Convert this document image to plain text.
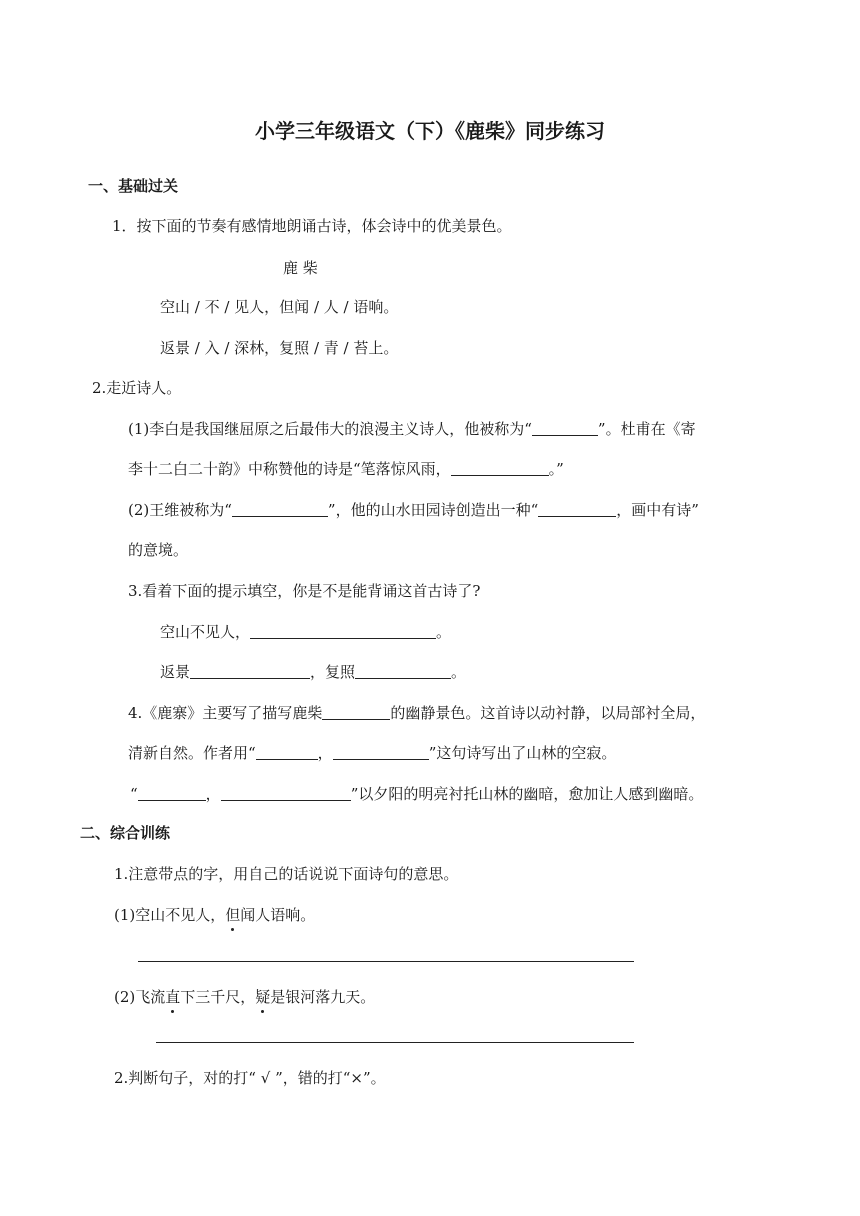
小学三年级语文（下）《鹿柴》同步练习
一、基础过关
1．按下面的节奏有感情地朗诵古诗，体会诗中的优美景色。
鹿 柴
空山 / 不 / 见人，但闻 / 人 / 语响。
返景 / 入 / 深林，复照 / 青 / 苔上。
2.走近诗人。
(1)李白是我国继屈原之后最伟大的浪漫主义诗人，他被称为“	”。杜甫在《寄
李十二白二十韵》中称赞他的诗是“笔落惊风雨，	。”
(2)王维被称为“	”，他的山水田园诗创造出一种“	，画中有诗”
的意境。
3.看着下面的提示填空，你是不是能背诵这首古诗了?
空山不见人，	。
返景	，复照	。
4.《鹿寨》主要写了描写鹿柴	的幽静景色。这首诗以动衬静，以局部衬全局，
清新自然。作者用“	，	”这句诗写出了山林的空寂。
“	，	”以夕阳的明亮衬托山林的幽暗，愈加让人感到幽暗。
二、综合训练
1.注意带点的字，用自己的话说说下面诗句的意思。
(1)空山不见人，但闻人语响。
(2)飞流直下三千尺，疑是银河落九天。
2.判断句子，对的打“ √ ”，错的打“×”。
